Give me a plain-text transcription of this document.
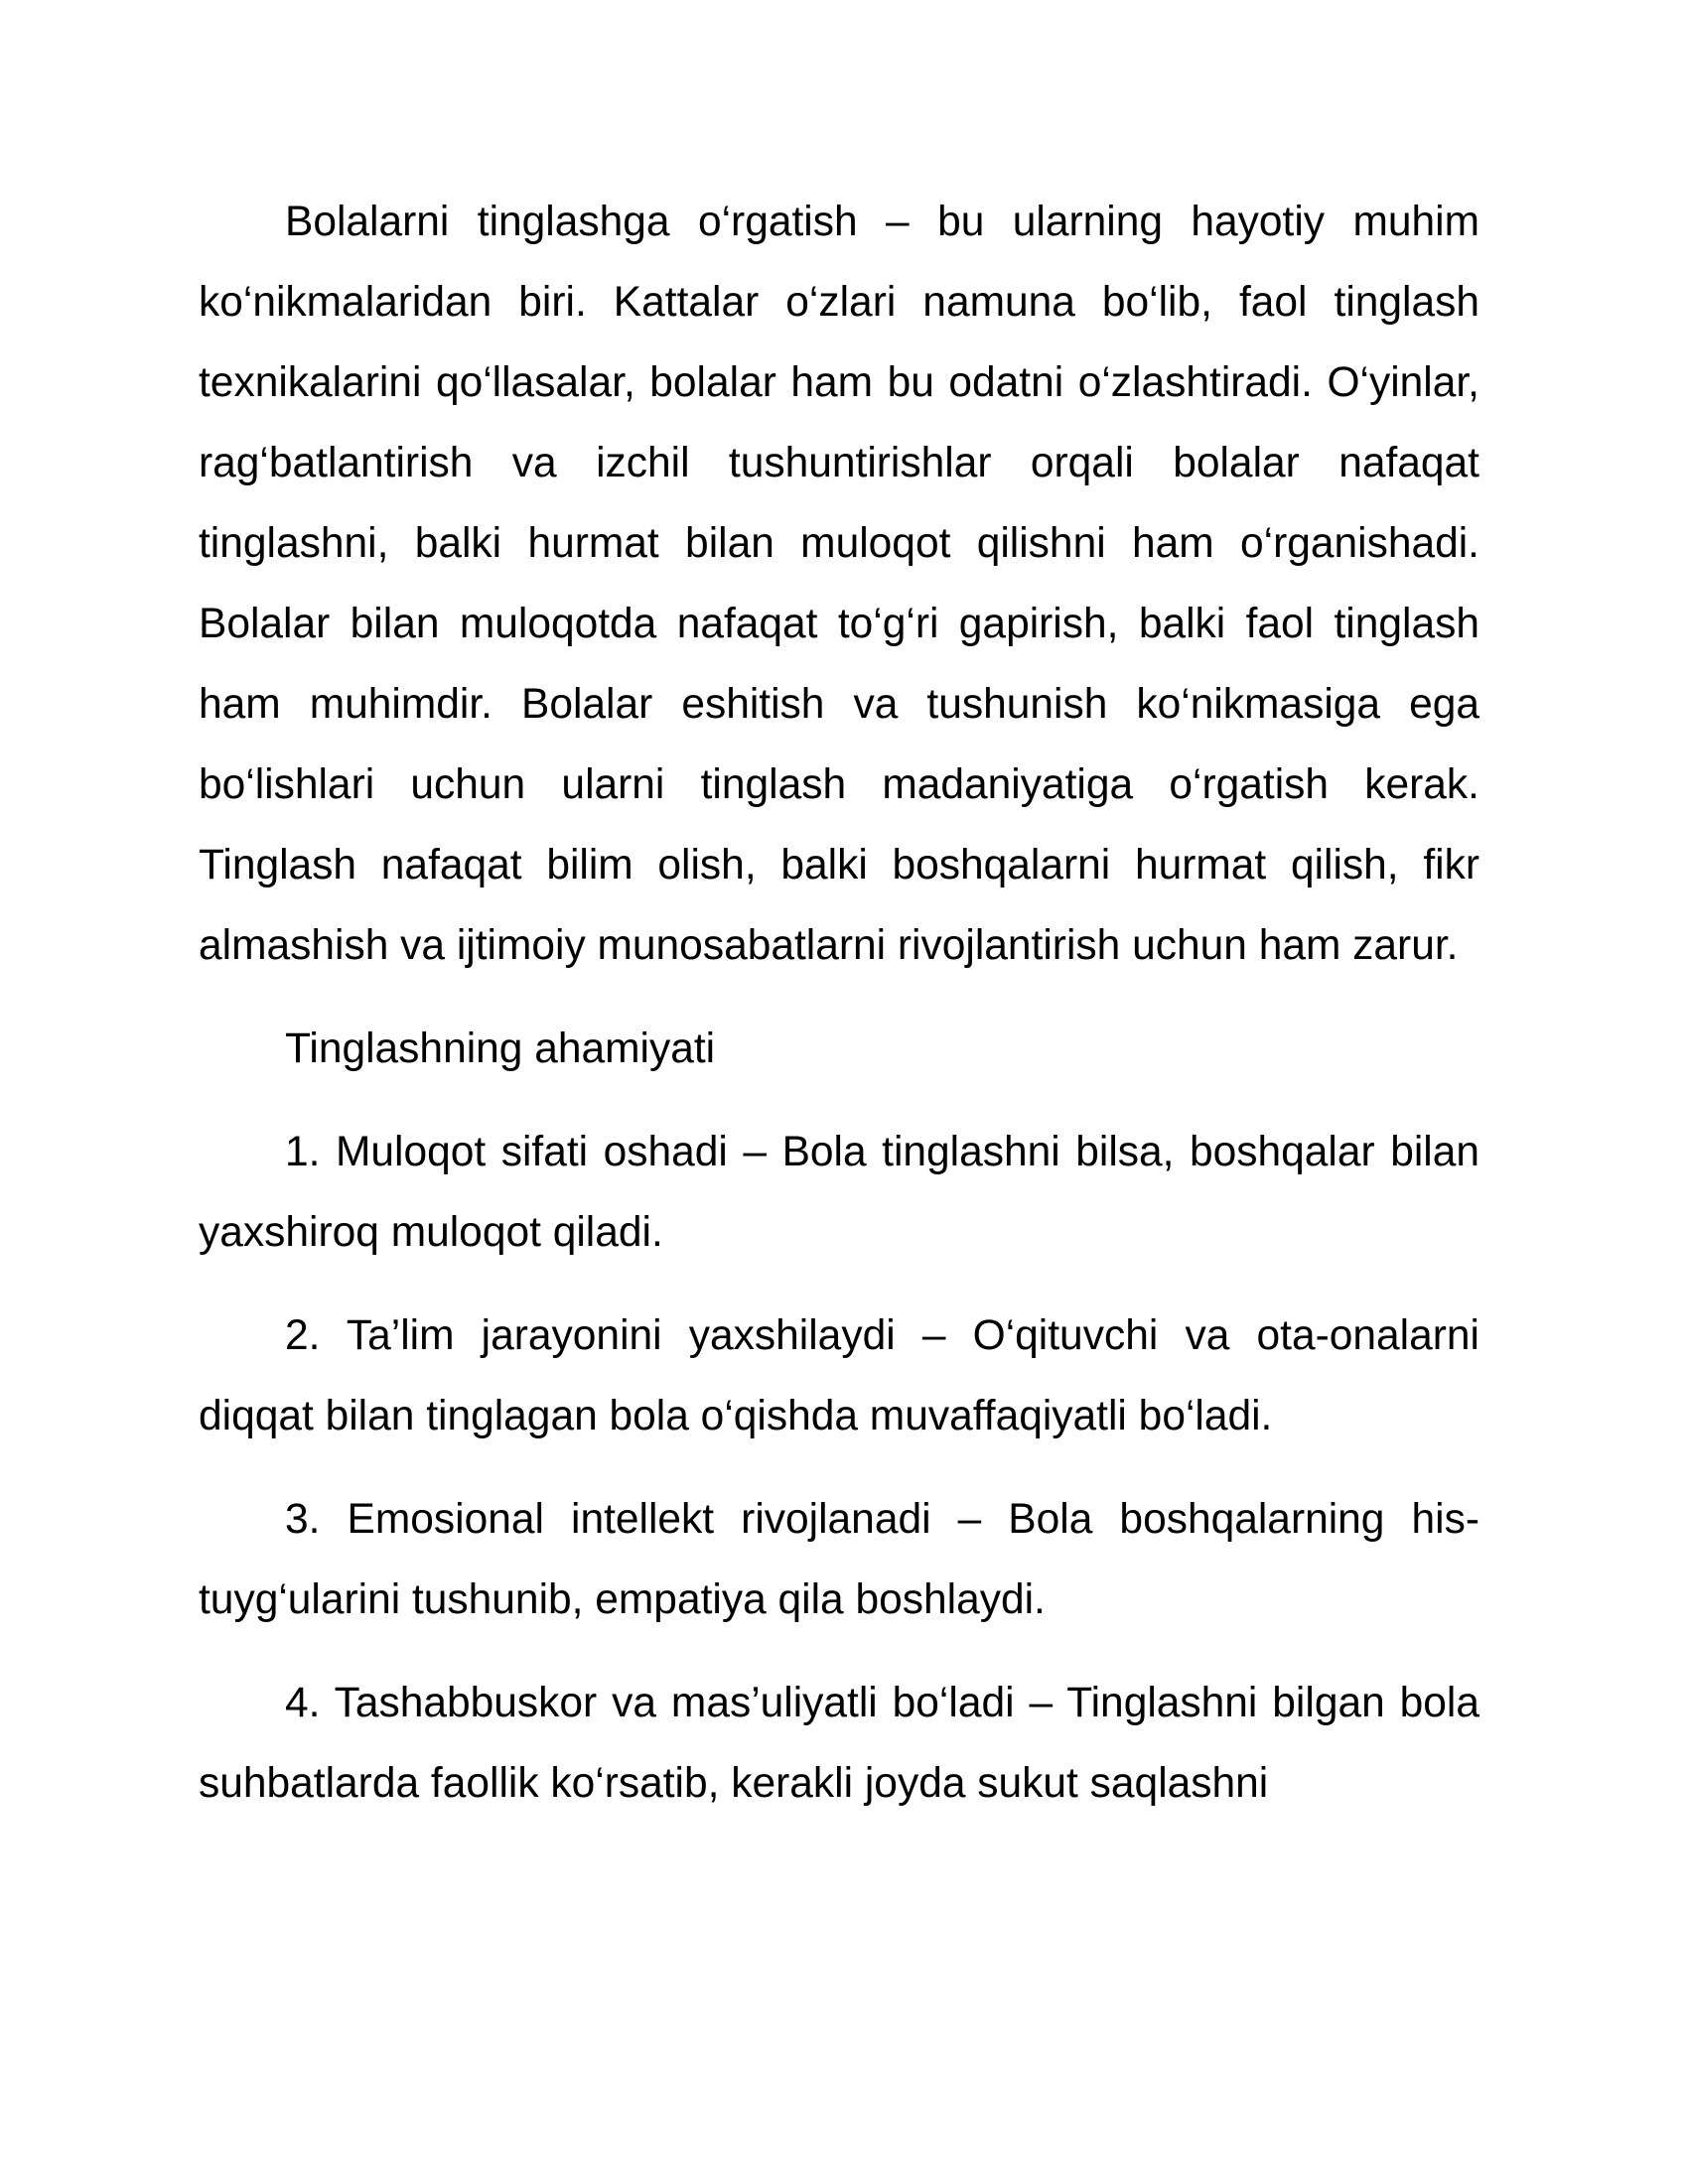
Bolalarni tinglashga o‘rgatish – bu ularning hayotiy muhim ko‘nikmalaridan biri. Kattalar o‘zlari namuna bo‘lib, faol tinglash texnikalarini qo‘llasalar, bolalar ham bu odatni o‘zlashtiradi. O‘yinlar, rag‘batlantirish va izchil tushuntirishlar orqali bolalar nafaqat tinglashni, balki hurmat bilan muloqot qilishni ham o‘rganishadi. Bolalar bilan muloqotda nafaqat to‘g‘ri gapirish, balki faol tinglash ham muhimdir. Bolalar eshitish va tushunish ko‘nikmasiga ega bo‘lishlari uchun ularni tinglash madaniyatiga o‘rgatish kerak. Tinglash nafaqat bilim olish, balki boshqalarni hurmat qilish, fikr almashish va ijtimoiy munosabatlarni rivojlantirish uchun ham zarur.

Tinglashning ahamiyati

1. Muloqot sifati oshadi – Bola tinglashni bilsa, boshqalar bilan yaxshiroq muloqot qiladi.

2. Ta’lim jarayonini yaxshilaydi – O‘qituvchi va ota-onalarni diqqat bilan tinglagan bola o‘qishda muvaffaqiyatli bo‘ladi.

3. Emosional intellekt rivojlanadi – Bola boshqalarning his-tuyg‘ularini tushunib, empatiya qila boshlaydi.

4. Tashabbuskor va mas’uliyatli bo‘ladi – Tinglashni bilgan bola suhbatlarda faollik ko‘rsatib, kerakli joyda sukut saqlashni
